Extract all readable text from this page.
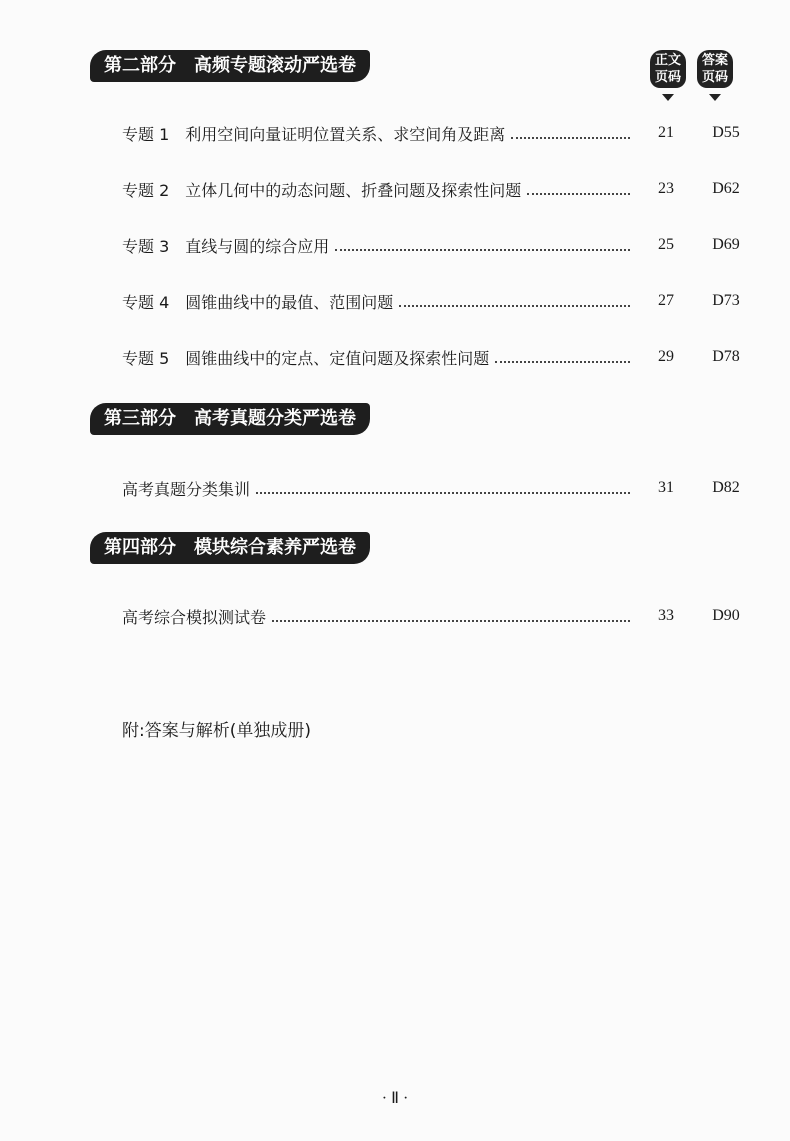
正文
页码
答案
页码
第二部分 高频专题滚动严选卷
专题 1 利用空间向量证明位置关系、求空间角及距离	21	D55
专题 2 立体几何中的动态问题、折叠问题及探索性问题	23	D62
专题 3 直线与圆的综合应用	25	D69
专题 4 圆锥曲线中的最值、范围问题	27	D73
专题 5 圆锥曲线中的定点、定值问题及探索性问题	29	D78
第三部分 高考真题分类严选卷
高考真题分类集训	31	D82
第四部分 模块综合素养严选卷
高考综合模拟测试卷	33	D90
附:答案与解析(单独成册)
· Ⅱ ·
